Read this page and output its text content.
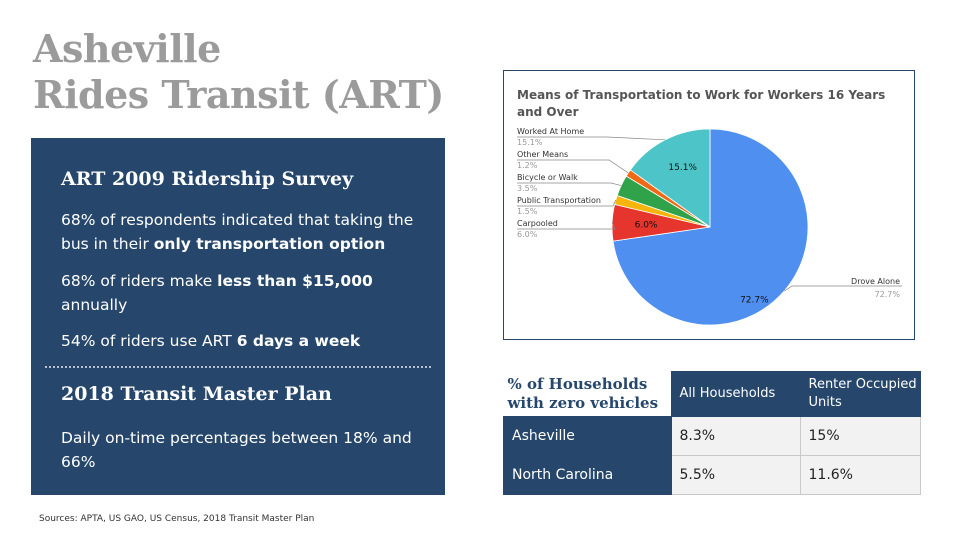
Asheville
Rides Transit (ART)
ART 2009 Ridership Survey

68% of respondents indicated that taking the bus in their only transportation option

68% of riders make less than $15,000 annually

54% of riders use ART 6 days a week

2018 Transit Master Plan

Daily on-time percentages between 18% and 66%

Sources: APTA, US GAO, US Census, 2018 Transit Master Plan
Means of Transportation to Work for Workers 16 Years
and Over
72.7%
6.0%
15.1%
Worked At Home
15.1%
Other Means
1.2%
Bicycle or Walk
3.5%
Public Transportation
1.5%
Carpooled
6.0%
Drove Alone
72.7%
% of Households
with zero vehicles	All Households	Renter Occupied Units
Asheville	8.3%	15%
North Carolina	5.5%	11.6%
